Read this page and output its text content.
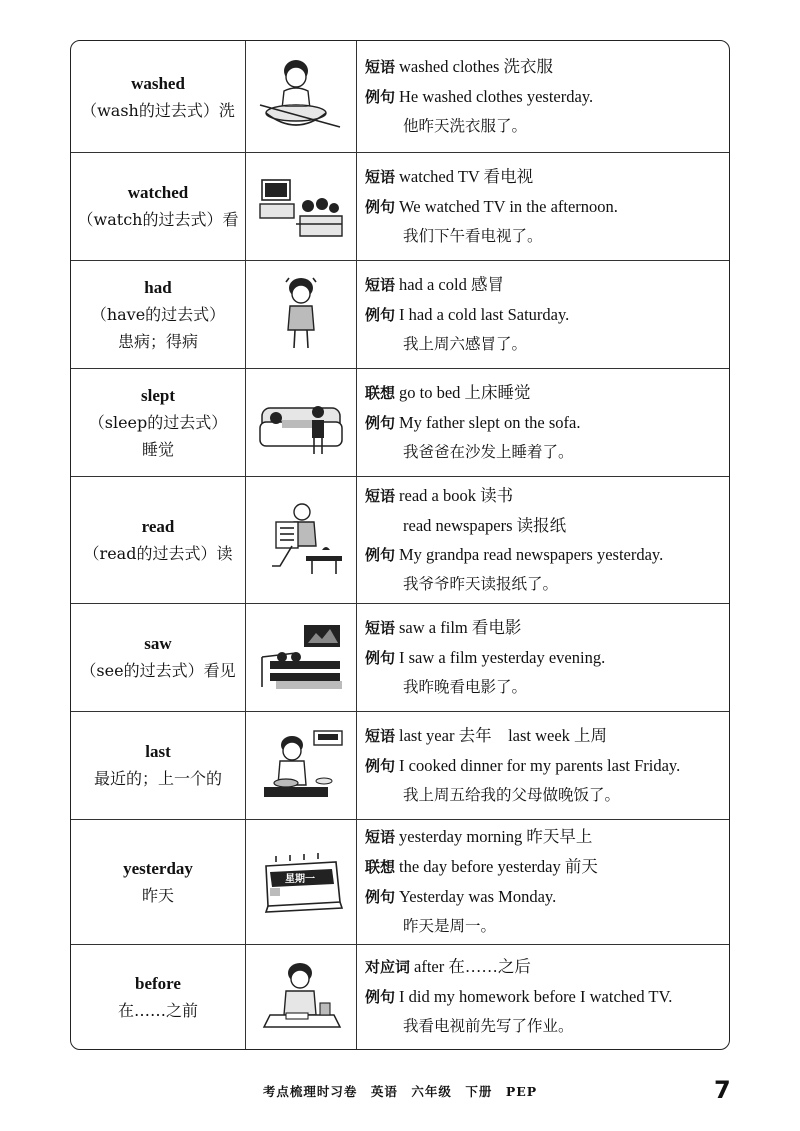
washed
（wash的过去式）洗
短语 washed clothes 洗衣服
例句 He washed clothes yesterday.
他昨天洗衣服了。
watched
（watch的过去式）看
短语 watched TV 看电视
例句 We watched TV in the afternoon.
我们下午看电视了。
had
（have的过去式）
患病；得病
短语 had a cold 感冒
例句 I had a cold last Saturday.
我上周六感冒了。
slept
（sleep的过去式）
睡觉
联想 go to bed 上床睡觉
例句 My father slept on the sofa.
我爸爸在沙发上睡着了。
read
（read的过去式）读
短语 read a book 读书
read newspapers 读报纸
例句 My grandpa read newspapers yesterday.
我爷爷昨天读报纸了。
saw
（see的过去式）看见
短语 saw a film 看电影
例句 I saw a film yesterday evening.
我昨晚看电影了。
last
最近的；上一个的
短语 last year 去年    last week 上周
例句 I cooked dinner for my parents last Friday.
我上周五给我的父母做晚饭了。
yesterday
昨天
星期一
短语 yesterday morning 昨天早上
联想 the day before yesterday 前天
例句 Yesterday was Monday.
昨天是周一。
before
在……之前
对应词 after 在……之后
例句 I did my homework before I watched TV.
我看电视前先写了作业。
考点梳理时习卷　英语　六年级　下册　PEP	7
